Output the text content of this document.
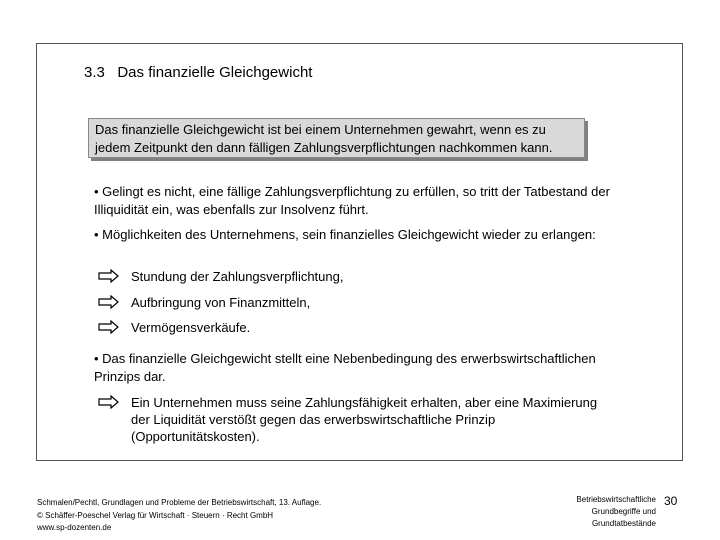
3.3   Das finanzielle Gleichgewicht
Das finanzielle Gleichgewicht ist bei einem Unternehmen gewahrt, wenn es zu jedem Zeitpunkt den dann fälligen Zahlungsverpflichtungen nachkommen kann.
• Gelingt es nicht, eine fällige Zahlungsverpflichtung zu erfüllen, so tritt der Tatbestand der Illiquidität ein, was ebenfalls zur Insolvenz führt.
• Möglichkeiten des Unternehmens, sein finanzielles Gleichgewicht wieder zu erlangen:
Stundung der Zahlungsverpflichtung,
Aufbringung von Finanzmitteln,
Vermögensverkäufe.
• Das finanzielle Gleichgewicht stellt eine Nebenbedingung des erwerbswirtschaftlichen Prinzips dar.
Ein Unternehmen muss seine Zahlungsfähigkeit erhalten, aber eine Maximierung der Liquidität verstößt gegen das erwerbswirtschaftliche Prinzip (Opportunitätskosten).
Schmalen/Pechtl, Grundlagen und Probleme der Betriebswirtschaft, 13. Auflage.
© Schäffer-Poeschel Verlag für Wirtschaft · Steuern · Recht GmbH
www.sp-dozenten.de
Betriebswirtschaftliche
Grundbegriffe und
Grundtatbestände
30
